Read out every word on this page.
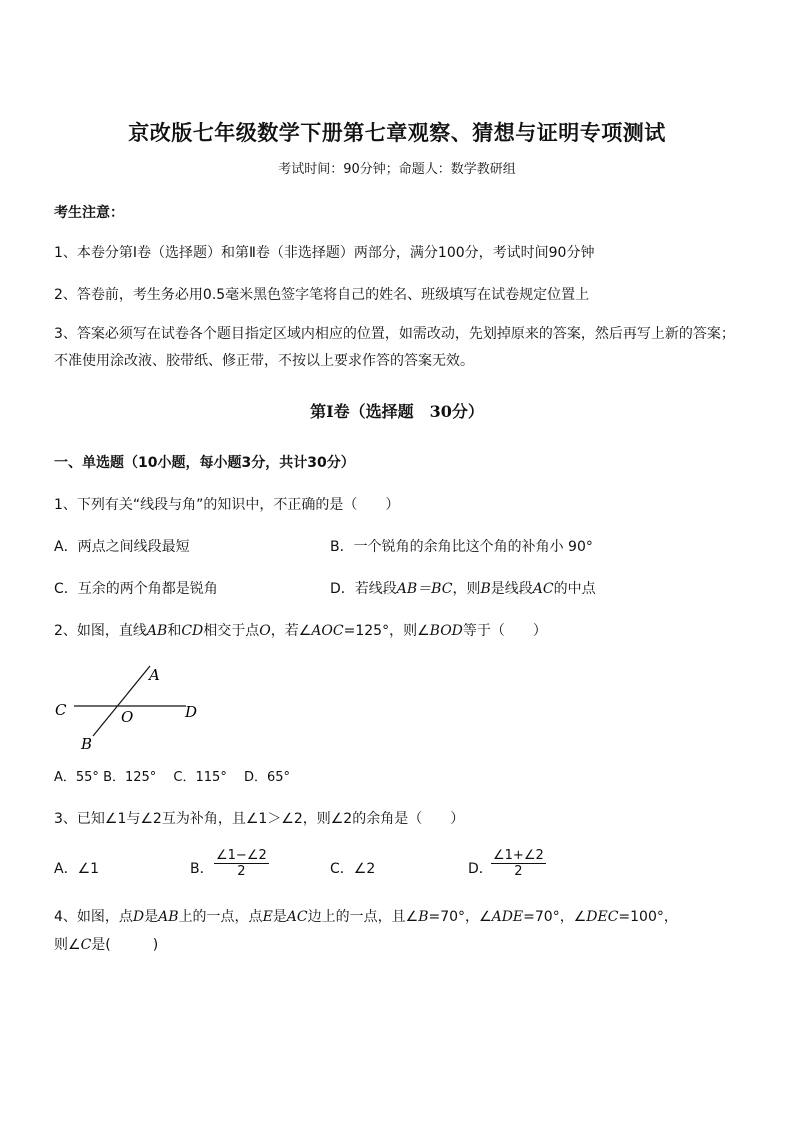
京改版七年级数学下册第七章观察、猜想与证明专项测试
考试时间：90分钟；命题人：数学教研组
考生注意：
1、本卷分第Ⅰ卷（选择题）和第Ⅱ卷（非选择题）两部分，满分100分，考试时间90分钟
2、答卷前，考生务必用0.5毫米黑色签字笔将自己的姓名、班级填写在试卷规定位置上
3、答案必须写在试卷各个题目指定区域内相应的位置，如需改动，先划掉原来的答案，然后再写上新的答案；不准使用涂改液、胶带纸、修正带，不按以上要求作答的答案无效。
第Ⅰ卷（选择题　30分）
一、单选题（10小题，每小题3分，共计30分）
1、下列有关“线段与角”的知识中，不正确的是（　　）
A．两点之间线段最短	B．一个锐角的余角比这个角的补角小 90°
C．互余的两个角都是锐角	D．若线段AB＝BC，则B是线段AC的中点
2、如图，直线AB和CD相交于点O，若∠AOC=125°，则∠BOD等于（　　）
A
B
C	D
O
A．55° B．125°　 C．115°　 D．65°
3、已知∠1与∠2互为补角，且∠1＞∠2，则∠2的余角是（　　）
A．∠1	B． $\frac{\angle 1-\angle 2}{2}$	C．∠2	D．
$\frac{\angle 1+\angle 2}{2}$
4、如图，点D是AB上的一点，点E是AC边上的一点，且∠B=70°，∠ADE=70°，∠DEC=100°，
则∠C是(　　　)
